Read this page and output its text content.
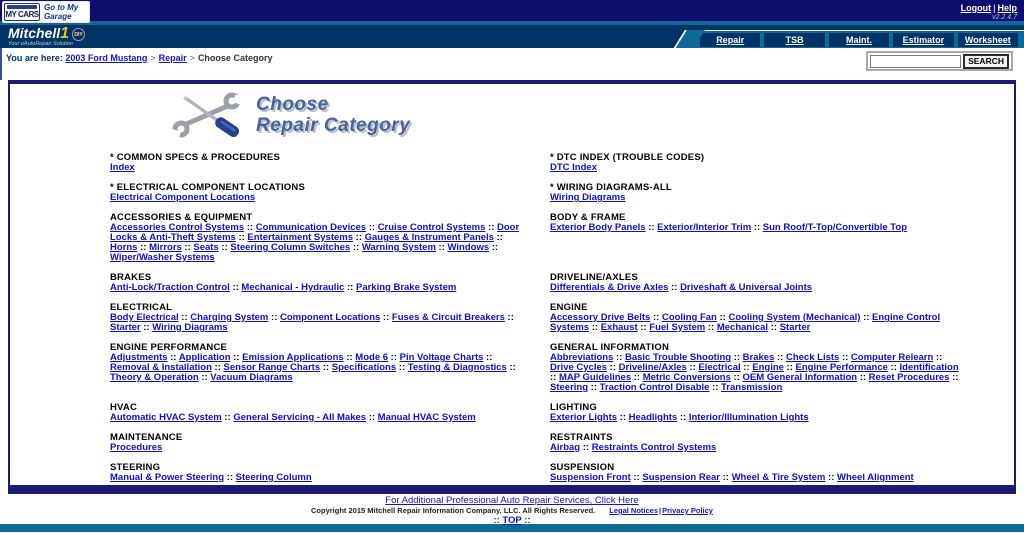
MY CARS
Go to My Garage
Logout | Help
v2.2.4.7
Mitchell1 DIY
Your eAutoRepair Solution	Repair	TSB	Maint.	Estimator	Worksheet
You are here: 2003 Ford Mustang > Repair > Choose Category	SEARCH
Choose
Repair Category
* COMMON SPECS & PROCEDURES
Index

* DTC INDEX (TROUBLE CODES)
DTC Index

* ELECTRICAL COMPONENT LOCATIONS
Electrical Component Locations

* WIRING DIAGRAMS-ALL
Wiring Diagrams

ACCESSORIES & EQUIPMENT
Accessories Control Systems :: Communication Devices :: Cruise Control Systems :: Door Locks & Anti-Theft Systems :: Entertainment Systems :: Gauges & Instrument Panels :: Horns :: Mirrors :: Seats :: Steering Column Switches :: Warning System :: Windows :: Wiper/Washer Systems

BODY & FRAME
Exterior Body Panels :: Exterior/Interior Trim :: Sun Roof/T-Top/Convertible Top

BRAKES
Anti-Lock/Traction Control :: Mechanical - Hydraulic :: Parking Brake System

DRIVELINE/AXLES
Differentials & Drive Axles :: Driveshaft & Universal Joints

ELECTRICAL
Body Electrical :: Charging System :: Component Locations :: Fuses & Circuit Breakers :: Starter :: Wiring Diagrams

ENGINE
Accessory Drive Belts :: Cooling Fan :: Cooling System (Mechanical) :: Engine Control Systems :: Exhaust :: Fuel System :: Mechanical :: Starter

ENGINE PERFORMANCE
Adjustments :: Application :: Emission Applications :: Mode 6 :: Pin Voltage Charts :: Removal & Installation :: Sensor Range Charts :: Specifications :: Testing & Diagnostics :: Theory & Operation :: Vacuum Diagrams

GENERAL INFORMATION
Abbreviations :: Basic Trouble Shooting :: Brakes :: Check Lists :: Computer Relearn :: Drive Cycles :: Driveline/Axles :: Electrical :: Engine :: Engine Performance :: Identification :: MAP Guidelines :: Metric Conversions :: OEM General Information :: Reset Procedures :: Steering :: Traction Control Disable :: Transmission

HVAC
Automatic HVAC System :: General Servicing - All Makes :: Manual HVAC System

LIGHTING
Exterior Lights :: Headlights :: Interior/Illumination Lights

MAINTENANCE
Procedures

RESTRAINTS
Airbag :: Restraints Control Systems

STEERING
Manual & Power Steering :: Steering Column

SUSPENSION
Suspension Front :: Suspension Rear :: Wheel & Tire System :: Wheel Alignment

For Additional Professional Auto Repair Services, Click Here
Copyright 2015 Mitchell Repair Information Company, LLC. All Rights Reserved. Legal Notices|Privacy Policy
:: TOP ::
